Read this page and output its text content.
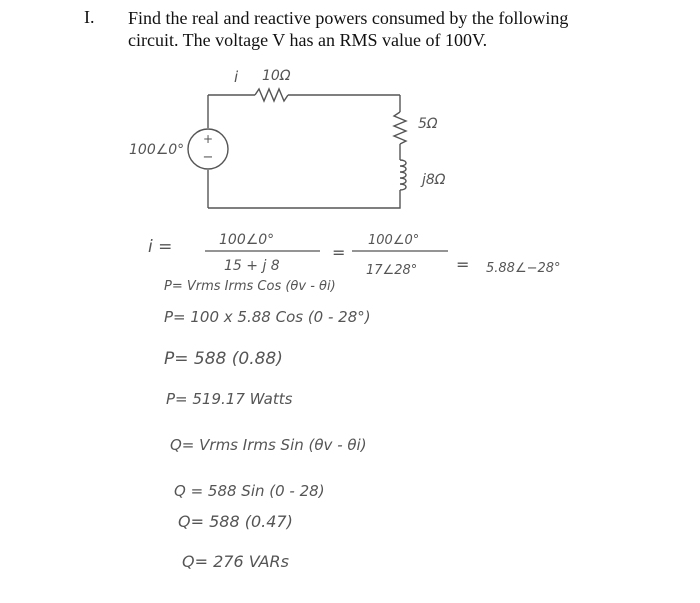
I. Find the real and reactive powers consumed by the following
circuit. The voltage V has an RMS value of 100V.
+
−
100∠0°
i 10Ω
5Ω
j8Ω
i =	100∠0°
15 + j 8
=
100∠0°
17∠28° = 5.88∠−28°
P= Vrms Irms Cos (θv - θi)
P= 100 x 5.88 Cos (0 - 28°)
P= 588 (0.88)
P= 519.17 Watts
Q= Vrms Irms Sin (θv - θi)
Q = 588 Sin (0 - 28)
Q= 588 (0.47)
Q= 276 VARs
